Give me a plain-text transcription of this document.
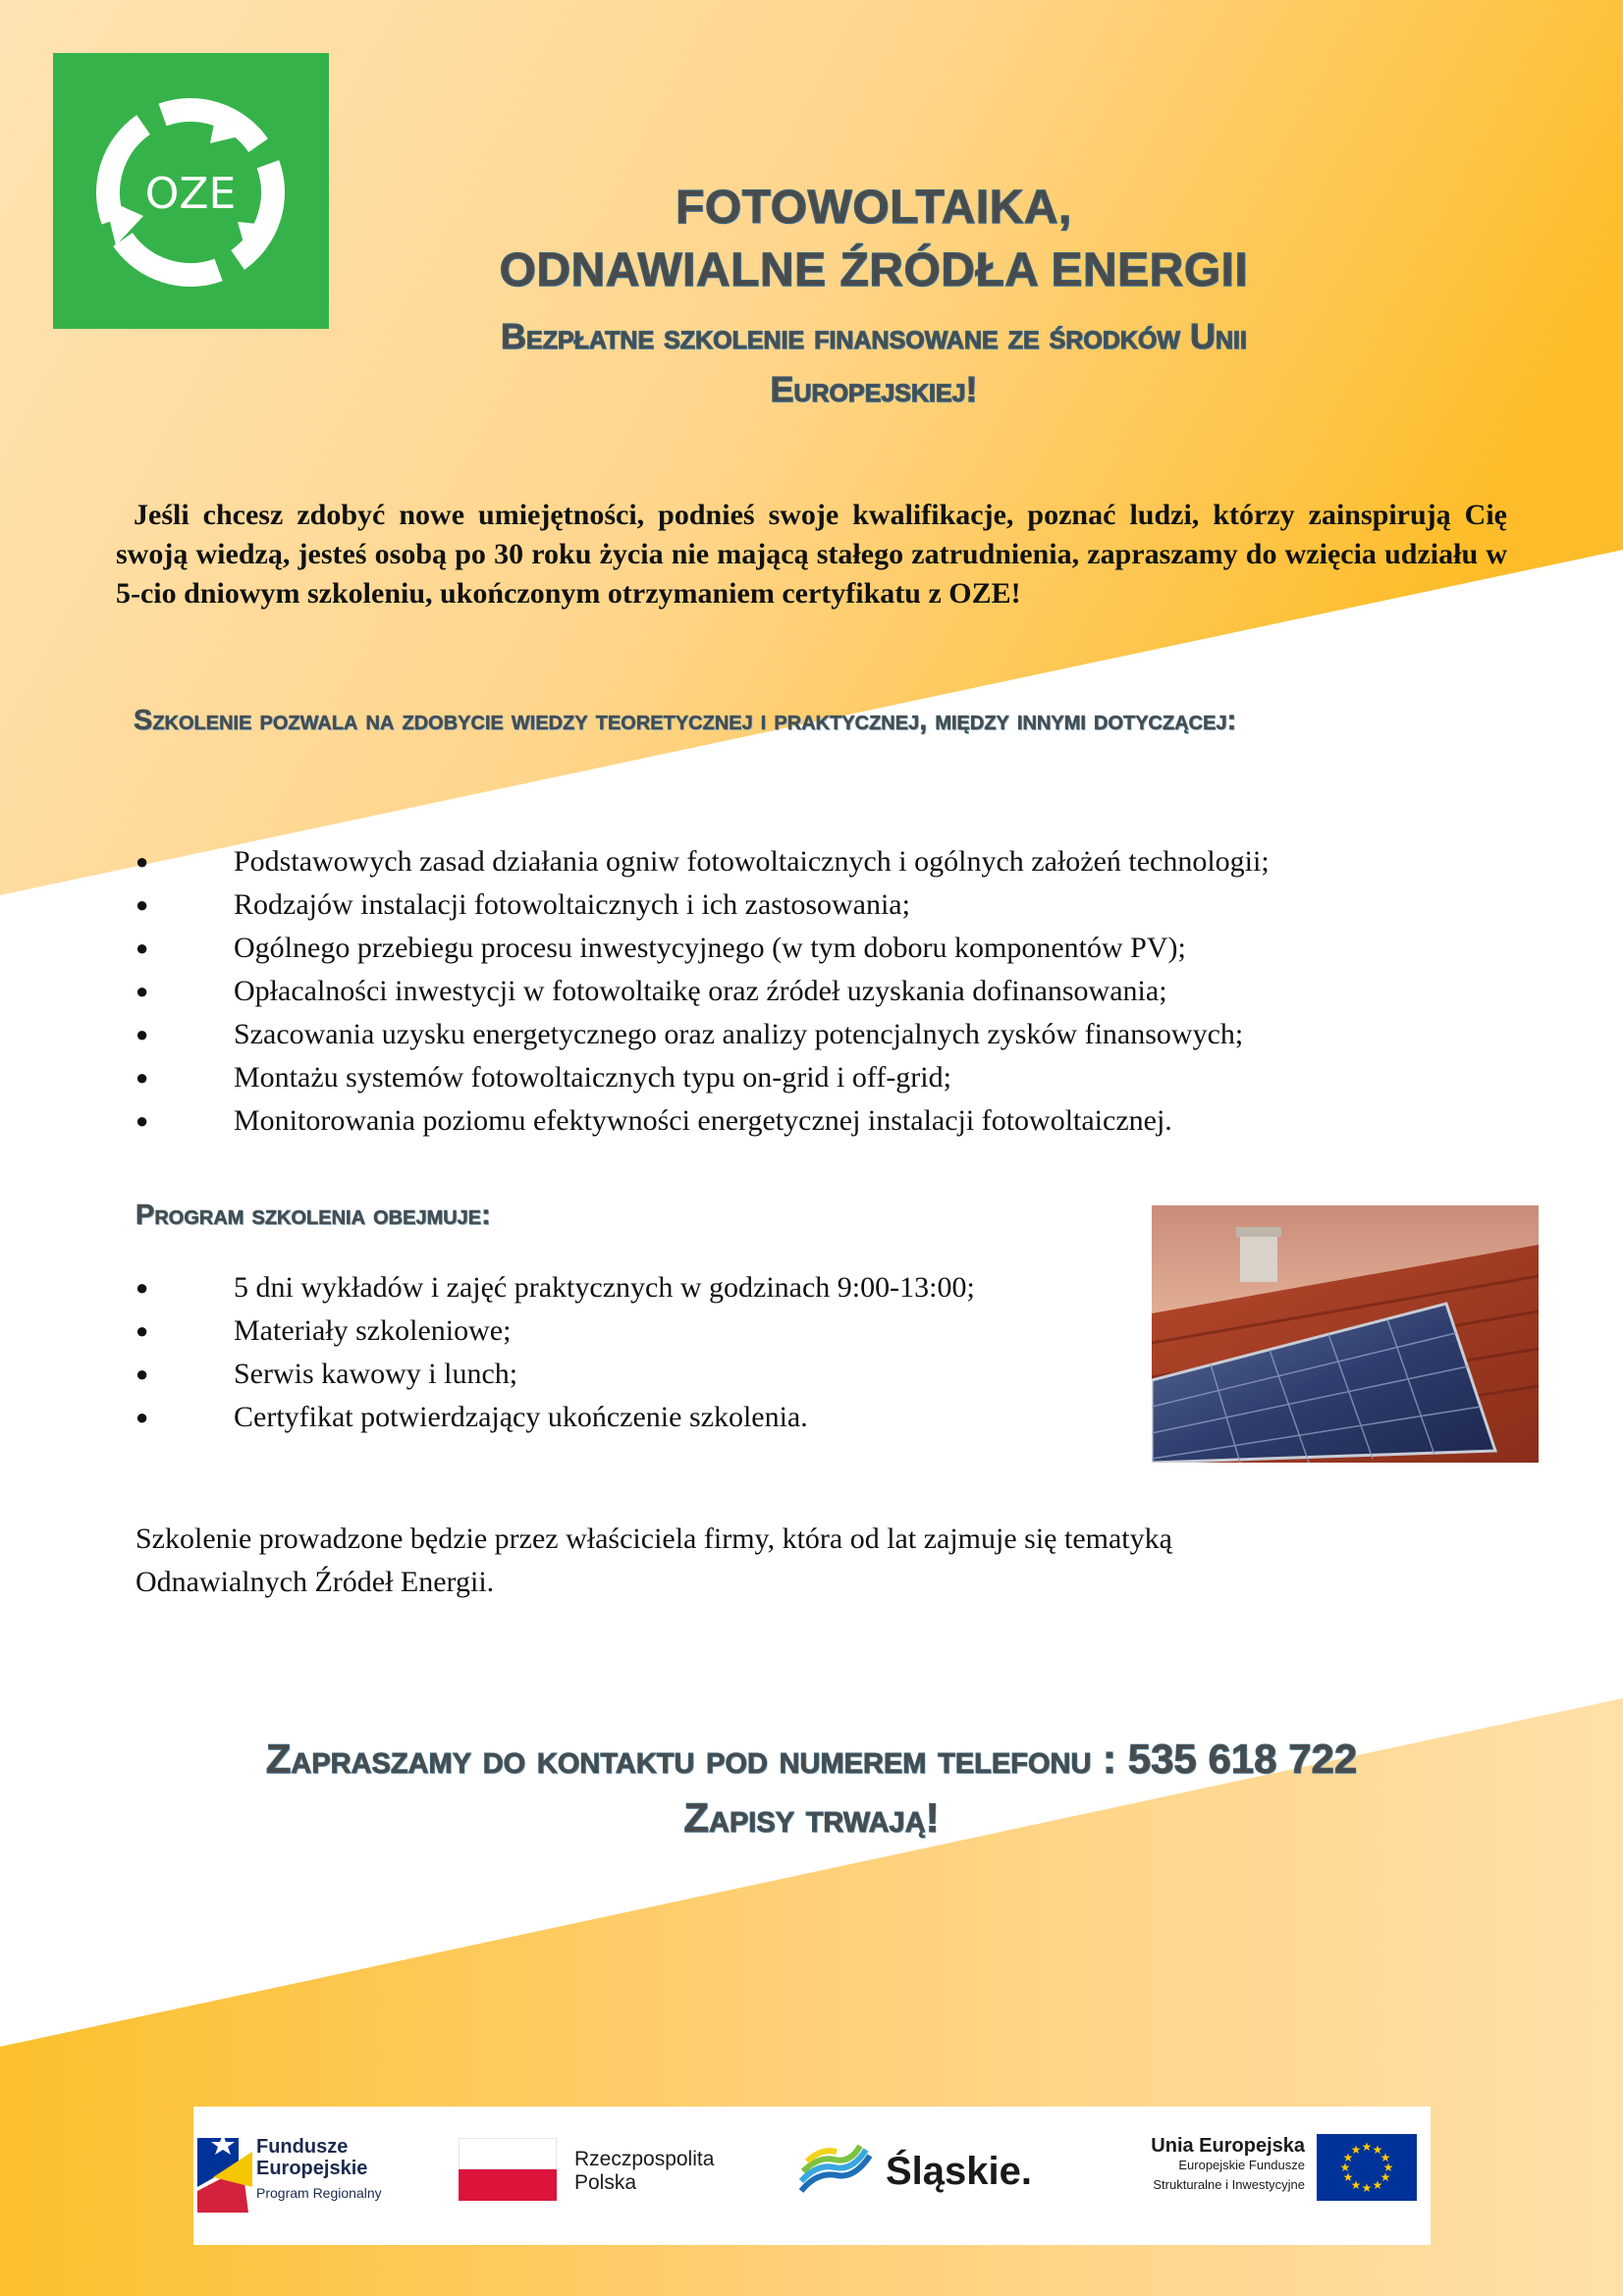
OZE	FOTOWOLTAIKA,
ODNAWIALNE ŹRÓDŁA ENERGII
Bezpłatne szkolenie finansowane ze środków Unii
Europejskiej!
Jeśli chcesz zdobyć nowe umiejętności, podnieś swoje kwalifikacje, poznać ludzi, którzy zainspirują Cię swoją wiedzą, jesteś osobą po 30 roku życia nie mającą stałego zatrudnienia, zapraszamy do wzięcia udziału w 5-cio dniowym szkoleniu, ukończonym otrzymaniem certyfikatu z OZE!
Szkolenie pozwala na zdobycie wiedzy teoretycznej i praktycznej, między innymi dotyczącej:
●	Podstawowych zasad działania ogniw fotowoltaicznych i ogólnych założeń technologii;
●	Rodzajów instalacji fotowoltaicznych i ich zastosowania;
●	Ogólnego przebiegu procesu inwestycyjnego (w tym doboru komponentów PV);
●	Opłacalności inwestycji w fotowoltaikę oraz źródeł uzyskania dofinansowania;
●	Szacowania uzysku energetycznego oraz analizy potencjalnych zysków finansowych;
●	Montażu systemów fotowoltaicznych typu on-grid i off-grid;
●	Monitorowania poziomu efektywności energetycznej instalacji fotowoltaicznej.
Program szkolenia obejmuje:
●	5 dni wykładów i zajęć praktycznych w godzinach 9:00-13:00;
●	Materiały szkoleniowe;
●	Serwis kawowy i lunch;
●	Certyfikat potwierdzający ukończenie szkolenia.
Szkolenie prowadzone będzie przez właściciela firmy, która od lat zajmuje się tematyką
Odnawialnych Źródeł Energii.
Zapraszamy do kontaktu pod numerem telefonu : 535 618 722
Zapisy trwają!
Fundusze
Europejskie
Program Regionalny
Rzeczpospolita
Polska	Śląskie.
Unia Europejska
Europejskie Fundusze
Strukturalne i Inwestycyjne
★ ★
★
★
★
★
★
★
★
★
★
★
